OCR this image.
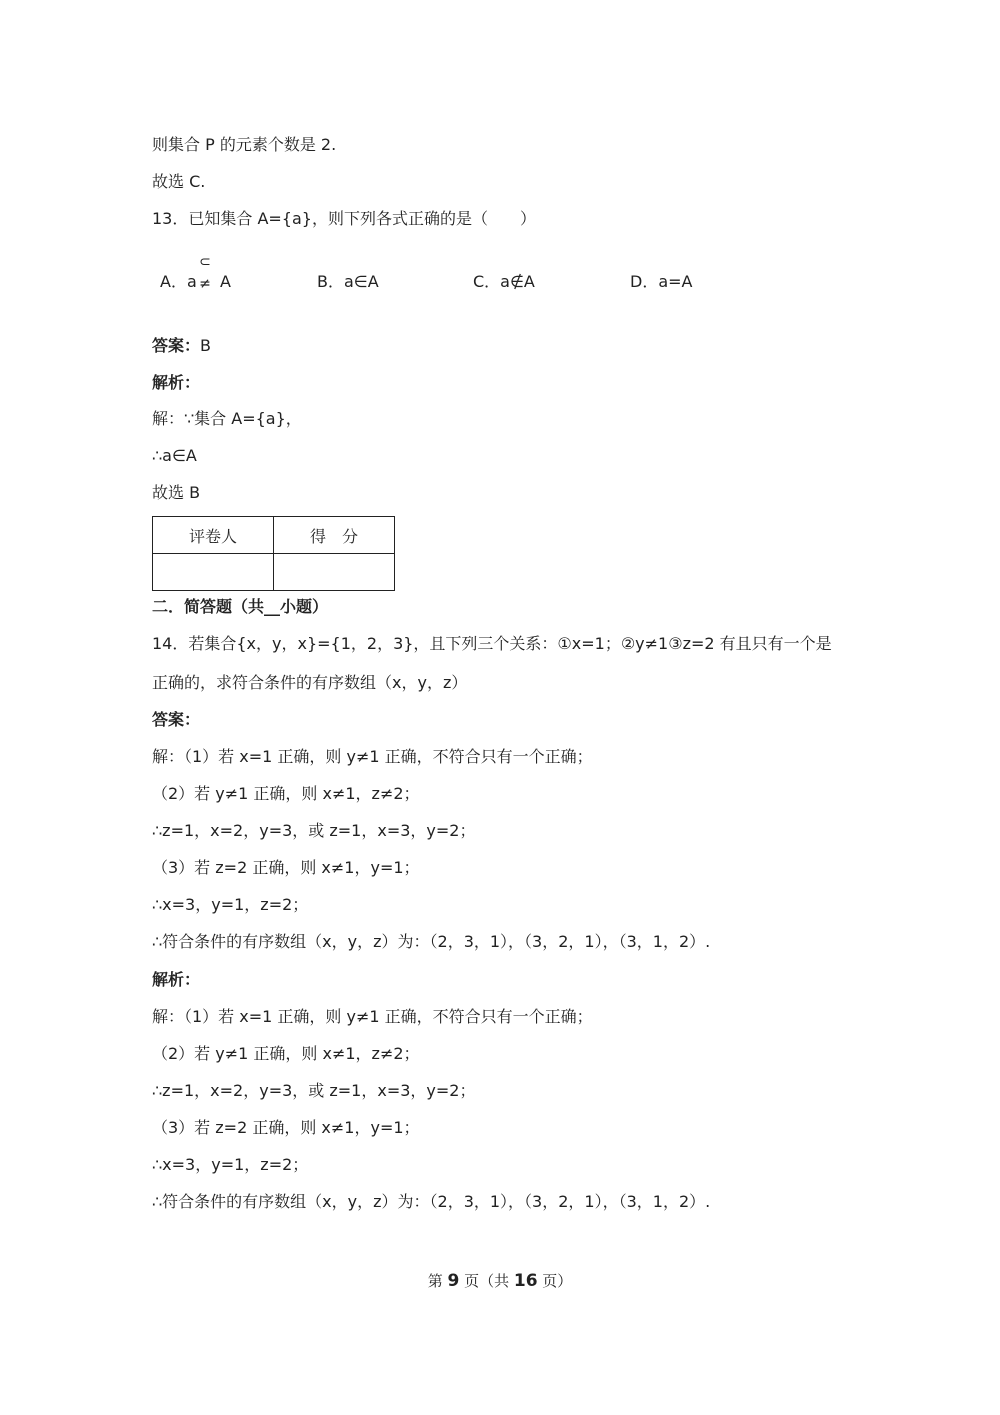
则集合 P 的元素个数是 2.
故选 C.
13．已知集合 A={a}，则下列各式正确的是（　　）
A．a
⊂
≠ A	B．a∈A	C．a∉A	D．a=A
答案：B
解析：
解：∵集合 A={a}，
∴a∈A
故选 B
评卷人	得　分

二．简答题（共__小题）
14．若集合{x，y，x}={1，2，3}，且下列三个关系：①x=1；②y≠1③z=2 有且只有一个是
正确的，求符合条件的有序数组（x，y，z）
答案：
解：（1）若 x=1 正确，则 y≠1 正确，不符合只有一个正确；
（2）若 y≠1 正确，则 x≠1，z≠2；
∴z=1，x=2，y=3，或 z=1，x=3，y=2；
（3）若 z=2 正确，则 x≠1，y=1；
∴x=3，y=1，z=2；
∴符合条件的有序数组（x，y，z）为：（2，3，1），（3，2，1），（3，1，2）.
解析：
解：（1）若 x=1 正确，则 y≠1 正确，不符合只有一个正确；
（2）若 y≠1 正确，则 x≠1，z≠2；
∴z=1，x=2，y=3，或 z=1，x=3，y=2；
（3）若 z=2 正确，则 x≠1，y=1；
∴x=3，y=1，z=2；
∴符合条件的有序数组（x，y，z）为：（2，3，1），（3，2，1），（3，1，2）.
第 9 页（共 16 页）
